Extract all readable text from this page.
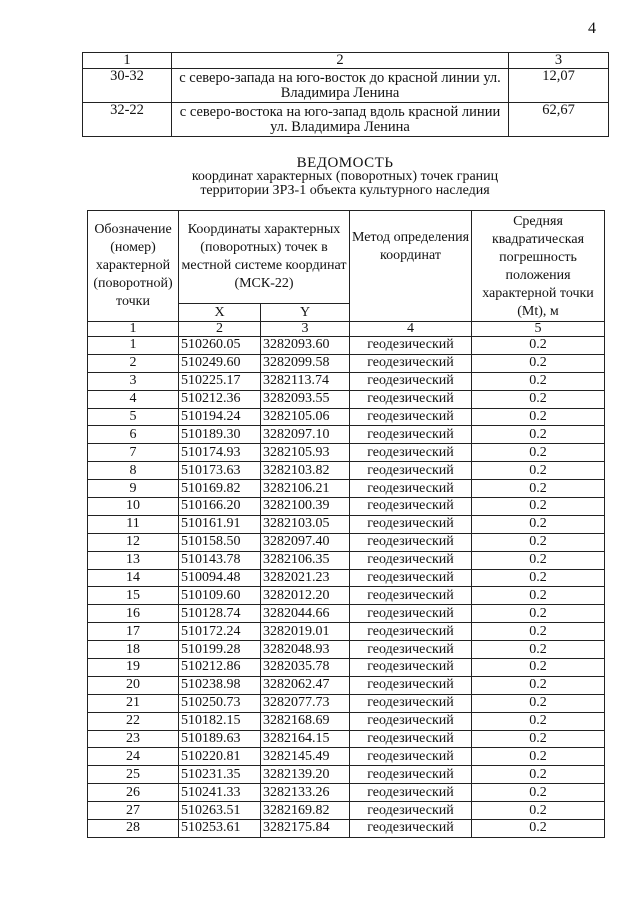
4
1	2	3
30-32	с северо-запада на юго-восток до красной линии ул. Владимира Ленина	12,07
32-22	с северо-востока на юго-запад вдоль красной линии ул. Владимира Ленина	62,67
ВЕДОМОСТЬ
координат характерных (поворотных) точек границ
территории ЗРЗ-1 объекта культурного наследия
Обозначение (номер) характерной (поворотной) точки	Координаты характерных (поворотных) точек в местной системе координат (МСК-22)		Метод определения координат	Средняя квадратическая погрешность положения характерной точки (Mt), м
	X	Y		
1	2	3	4	5
1	510260.05	3282093.60	геодезический	0.2
2	510249.60	3282099.58	геодезический	0.2
3	510225.17	3282113.74	геодезический	0.2
4	510212.36	3282093.55	геодезический	0.2
5	510194.24	3282105.06	геодезический	0.2
6	510189.30	3282097.10	геодезический	0.2
7	510174.93	3282105.93	геодезический	0.2
8	510173.63	3282103.82	геодезический	0.2
9	510169.82	3282106.21	геодезический	0.2
10	510166.20	3282100.39	геодезический	0.2
11	510161.91	3282103.05	геодезический	0.2
12	510158.50	3282097.40	геодезический	0.2
13	510143.78	3282106.35	геодезический	0.2
14	510094.48	3282021.23	геодезический	0.2
15	510109.60	3282012.20	геодезический	0.2
16	510128.74	3282044.66	геодезический	0.2
17	510172.24	3282019.01	геодезический	0.2
18	510199.28	3282048.93	геодезический	0.2
19	510212.86	3282035.78	геодезический	0.2
20	510238.98	3282062.47	геодезический	0.2
21	510250.73	3282077.73	геодезический	0.2
22	510182.15	3282168.69	геодезический	0.2
23	510189.63	3282164.15	геодезический	0.2
24	510220.81	3282145.49	геодезический	0.2
25	510231.35	3282139.20	геодезический	0.2
26	510241.33	3282133.26	геодезический	0.2
27	510263.51	3282169.82	геодезический	0.2
28	510253.61	3282175.84	геодезический	0.2
